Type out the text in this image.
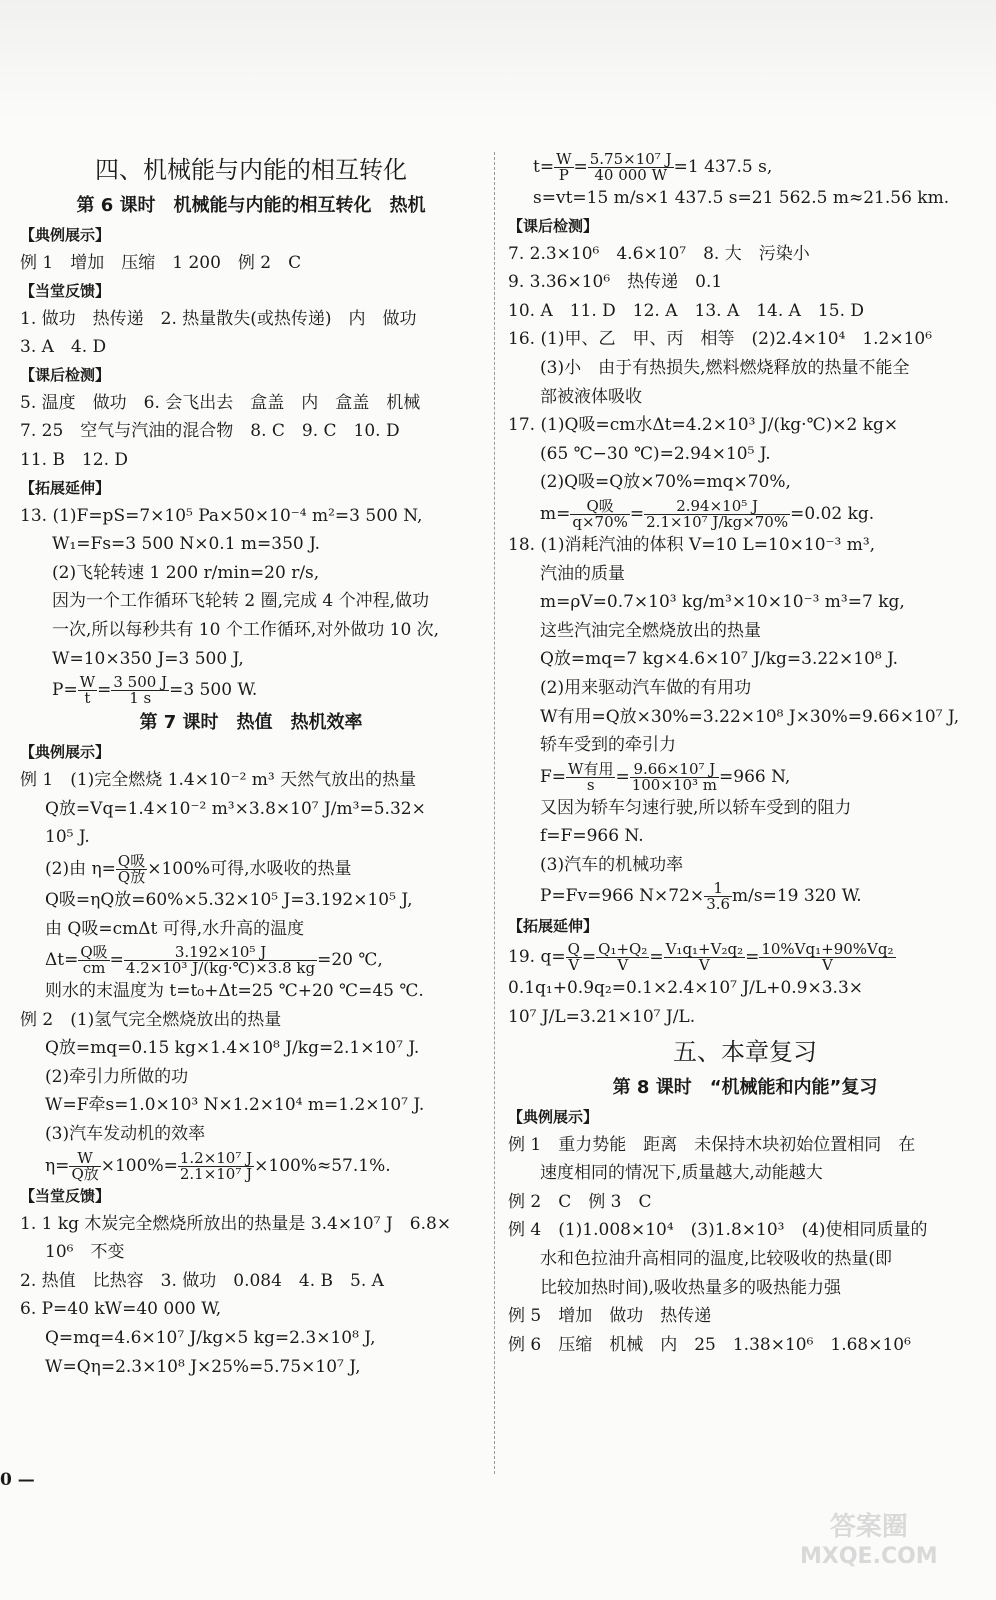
四、机械能与内能的相互转化
第 6 课时　机械能与内能的相互转化　热机
【典例展示】
例 1　增加　压缩　1 200　例 2　C
【当堂反馈】
1. 做功　热传递　2. 热量散失(或热传递)　内　做功
3. A　4. D
【课后检测】
5. 温度　做功　6. 会飞出去　盒盖　内　盒盖　机械
7. 25　空气与汽油的混合物　8. C　9. C　10. D
11. B　12. D
【拓展延伸】
13. (1)F=pS=7×10⁵ Pa×50×10⁻⁴ m²=3 500 N,
W₁=Fs=3 500 N×0.1 m=350 J.
(2)飞轮转速 1 200 r/min=20 r/s,
因为一个工作循环飞轮转 2 圈,完成 4 个冲程,做功
一次,所以每秒共有 10 个工作循环,对外做功 10 次,
W=10×350 J=3 500 J,
$P= \frac{W}{t} = \frac{3 500 J}{1 s} =3$ 500 W.
第 7 课时　热值　热机效率
【典例展示】
例 1　(1)完全燃烧 1.4×10⁻² m³ 天然气放出的热量
Q放=Vq=1.4×10⁻² m³×3.8×10⁷ J/m³=5.32×
10⁵ J.
(2)由 $\eta= \frac{\text{Q吸}}{\text{Q放}} \times 100\%$可得,水吸收的热量
Q吸=ηQ放=60%×5.32×10⁵ J=3.192×10⁵ J,
由 Q吸=cmΔt 可得,水升高的温度
$\Delta t= \frac{\text{Q吸}}{cm} = \frac{\text{3.192×10⁵ J}}{\text{4.2×10³ J/(kg·℃)×3.8 kg}} =20$ ℃,
则水的末温度为 t=t₀+Δt=25 ℃+20 ℃=45 ℃.
例 2　(1)氢气完全燃烧放出的热量
Q放=mq=0.15 kg×1.4×10⁸ J/kg=2.1×10⁷ J.
(2)牵引力所做的功
W=F牵s=1.0×10³ N×1.2×10⁴ m=1.2×10⁷ J.
(3)汽车发动机的效率
$\eta= \frac{W}{\text{Q放}} \times 100\%= \frac{\text{1.2×10⁷ J}}{\text{2.1×10⁷ J}} \times 100\%\approx 57.1\%$.
【当堂反馈】
1. 1 kg 木炭完全燃烧所放出的热量是 3.4×10⁷ J　6.8×
10⁶　不变
2. 热值　比热容　3. 做功　0.084　4. B　5. A
6. P=40 kW=40 000 W,
Q=mq=4.6×10⁷ J/kg×5 kg=2.3×10⁸ J,
W=Qη=2.3×10⁸ J×25%=5.75×10⁷ J,
$t= \frac{W}{P} = \frac{\text{5.75×10⁷ J}}{40 000 W} =1$ 437.5 s,
s=vt=15 m/s×1 437.5 s=21 562.5 m≈21.56 km.
【课后检测】
7. 2.3×10⁶　4.6×10⁷　8. 大　污染小
9. 3.36×10⁶　热传递　0.1
10. A　11. D　12. A　13. A　14. A　15. D
16. (1)甲、乙　甲、丙　相等　(2)2.4×10⁴　1.2×10⁶
(3)小　由于有热损失,燃料燃烧释放的热量不能全
部被液体吸收
17. (1)Q吸=cm水Δt=4.2×10³ J/(kg·℃)×2 kg×
(65 ℃−30 ℃)=2.94×10⁵ J.
(2)Q吸=Q放×70%=mq×70%,
$m= \frac{\text{Q吸}}{q\times 70\%} = \frac{\text{2.94×10⁵ J}}{\text{2.1×10⁷ J/kg×70\%}} =0.02$ kg.
18. (1)消耗汽油的体积 V=10 L=10×10⁻³ m³,
汽油的质量
m=ρV=0.7×10³ kg/m³×10×10⁻³ m³=7 kg,
这些汽油完全燃烧放出的热量
Q放=mq=7 kg×4.6×10⁷ J/kg=3.22×10⁸ J.
(2)用来驱动汽车做的有用功
W有用=Q放×30%=3.22×10⁸ J×30%=9.66×10⁷ J,
轿车受到的牵引力
$F= \frac{\text{W有用}}{s} = \frac{\text{9.66×10⁷ J}}{\text{100×10³ m}} =966$ N,
又因为轿车匀速行驶,所以轿车受到的阻力
f=F=966 N.
(3)汽车的机械功率
P=Fv=966 $N\times 72\times \frac{1}{3.6} m/s=19$ 320 W.
【拓展延伸】
19. $q= \frac{Q}{V} = \frac{\text{Q₁+Q₂}}{V} = \frac{\text{V₁q₁+V₂q₂}}{V} = \frac{\text{10\%Vq₁+90\%Vq₂}}{V}$
0.1q₁+0.9q₂=0.1×2.4×10⁷ J/L+0.9×3.3×
10⁷ J/L=3.21×10⁷ J/L.
五、本章复习
第 8 课时　“机械能和内能”复习
【典例展示】
例 1　重力势能　距离　未保持木块初始位置相同　在
速度相同的情况下,质量越大,动能越大
例 2　C　例 3　C
例 4　(1)1.008×10⁴　(3)1.8×10³　(4)使相同质量的
水和色拉油升高相同的温度,比较吸收的热量(即
比较加热时间),吸收热量多的吸热能力强
例 5　增加　做功　热传递
例 6　压缩　机械　内　25　1.38×10⁶　1.68×10⁶
0 —
答案圈
MXQE.COM
